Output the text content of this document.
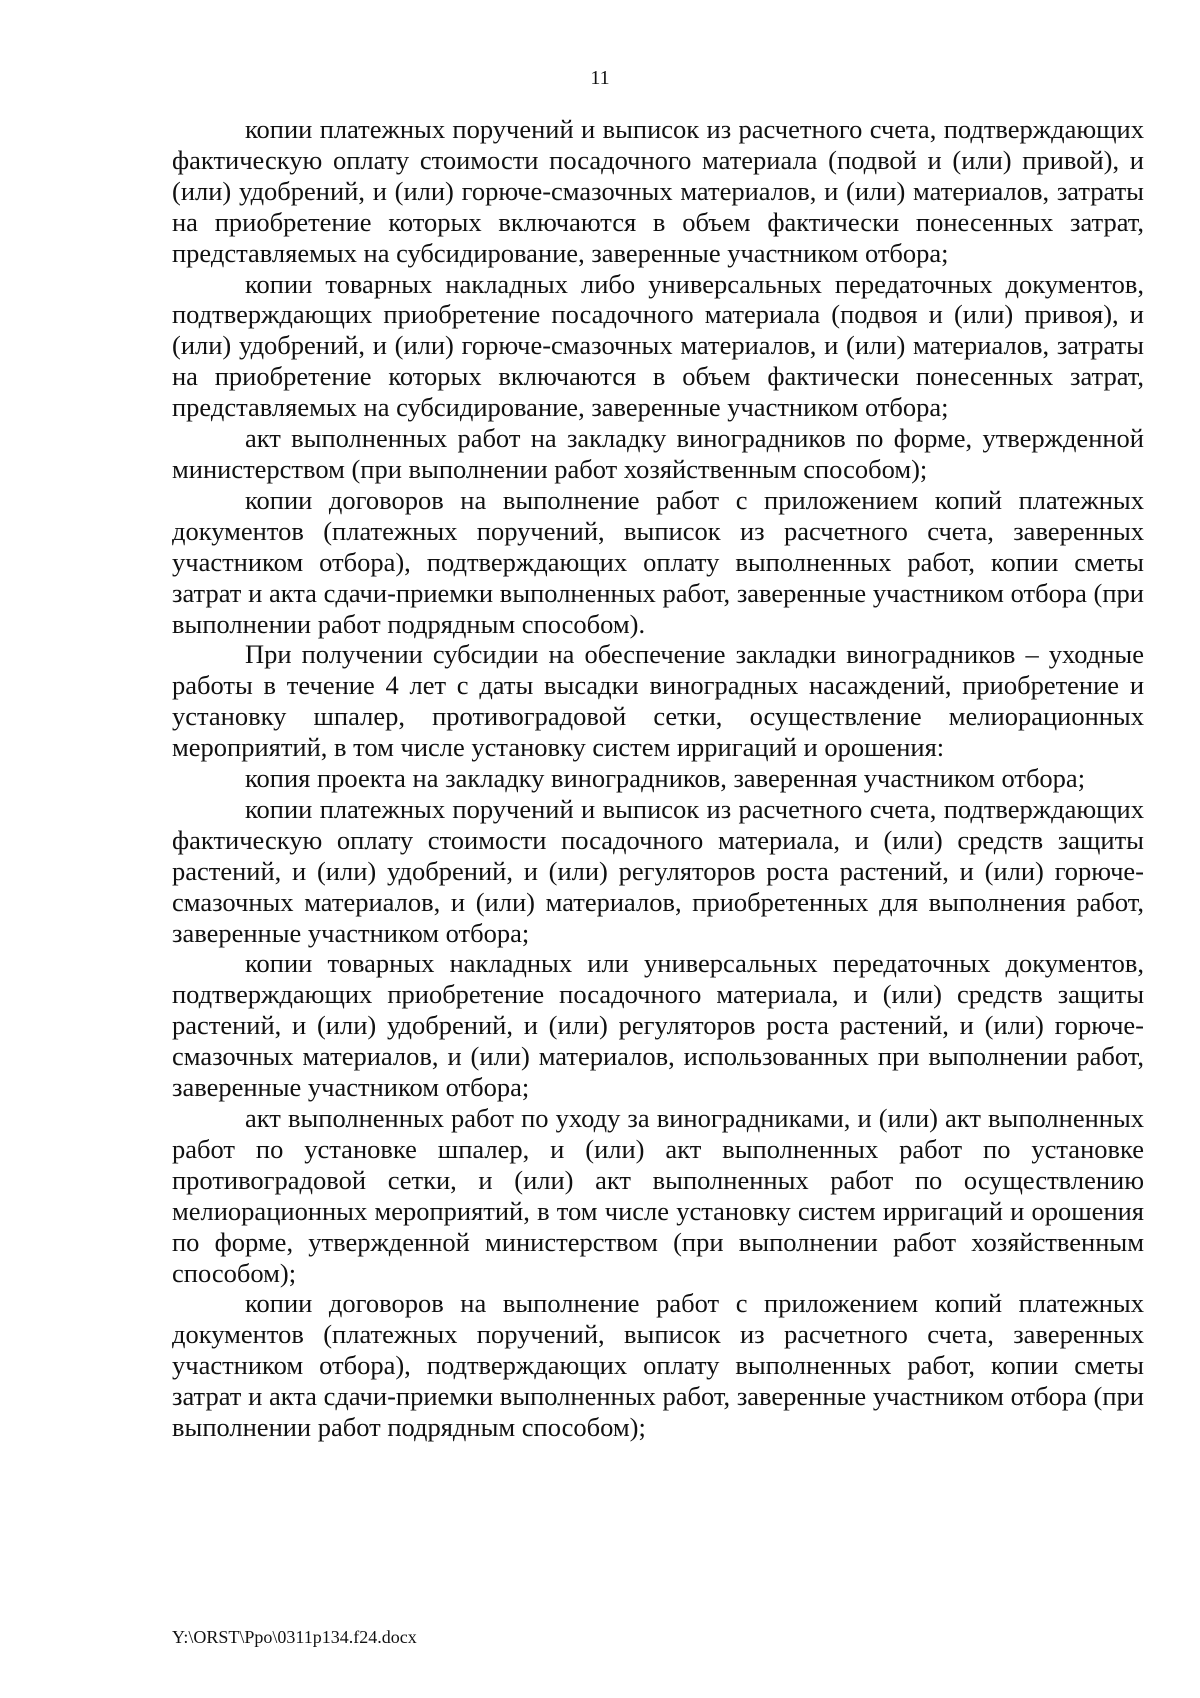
11

копии платежных поручений и выписок из расчетного счета, подтверждающих фактическую оплату стоимости посадочного материала (подвой и (или) привой), и (или) удобрений, и (или) горюче-смазочных материалов, и (или) материалов, затраты на приобретение которых включаются в объем фактически понесенных затрат, представляемых на субсидирование, заверенные участником отбора;

копии товарных накладных либо универсальных передаточных документов, подтверждающих приобретение посадочного материала (подвоя и (или) привоя), и (или) удобрений, и (или) горюче-смазочных материалов, и (или) материалов, затраты на приобретение которых включаются в объем фактически понесенных затрат, представляемых на субсидирование, заверенные участником отбора;

акт выполненных работ на закладку виноградников по форме, утвержденной министерством (при выполнении работ хозяйственным способом);

копии договоров на выполнение работ с приложением копий платежных документов (платежных поручений, выписок из расчетного счета, заверенных участником отбора), подтверждающих оплату выполненных работ, копии сметы затрат и акта сдачи-приемки выполненных работ, заверенные участником отбора (при выполнении работ подрядным способом).

При получении субсидии на обеспечение закладки виноградников – уходные работы в течение 4 лет с даты высадки виноградных насаждений, приобретение и установку шпалер, противоградовой сетки, осуществление мелиорационных мероприятий, в том числе установку систем ирригаций и орошения:

копия проекта на закладку виноградников, заверенная участником отбора;

копии платежных поручений и выписок из расчетного счета, подтверждающих фактическую оплату стоимости посадочного материала, и (или) средств защиты растений, и (или) удобрений, и (или) регуляторов роста растений, и (или) горюче-смазочных материалов, и (или) материалов, приобретенных для выполнения работ, заверенные участником отбора;

копии товарных накладных или универсальных передаточных документов, подтверждающих приобретение посадочного материала, и (или) средств защиты растений, и (или) удобрений, и (или) регуляторов роста растений, и (или) горюче-смазочных материалов, и (или) материалов, использованных при выполнении работ, заверенные участником отбора;

акт выполненных работ по уходу за виноградниками, и (или) акт выполненных работ по установке шпалер, и (или) акт выполненных работ по установке противоградовой сетки, и (или) акт выполненных работ по осуществлению мелиорационных мероприятий, в том числе установку систем ирригаций и орошения по форме, утвержденной министерством (при выполнении работ хозяйственным способом);

копии договоров на выполнение работ с приложением копий платежных документов (платежных поручений, выписок из расчетного счета, заверенных участником отбора), подтверждающих оплату выполненных работ, копии сметы затрат и акта сдачи-приемки выполненных работ, заверенные участником отбора (при выполнении работ подрядным способом);

Y:\ORST\Ppo\0311p134.f24.docx
